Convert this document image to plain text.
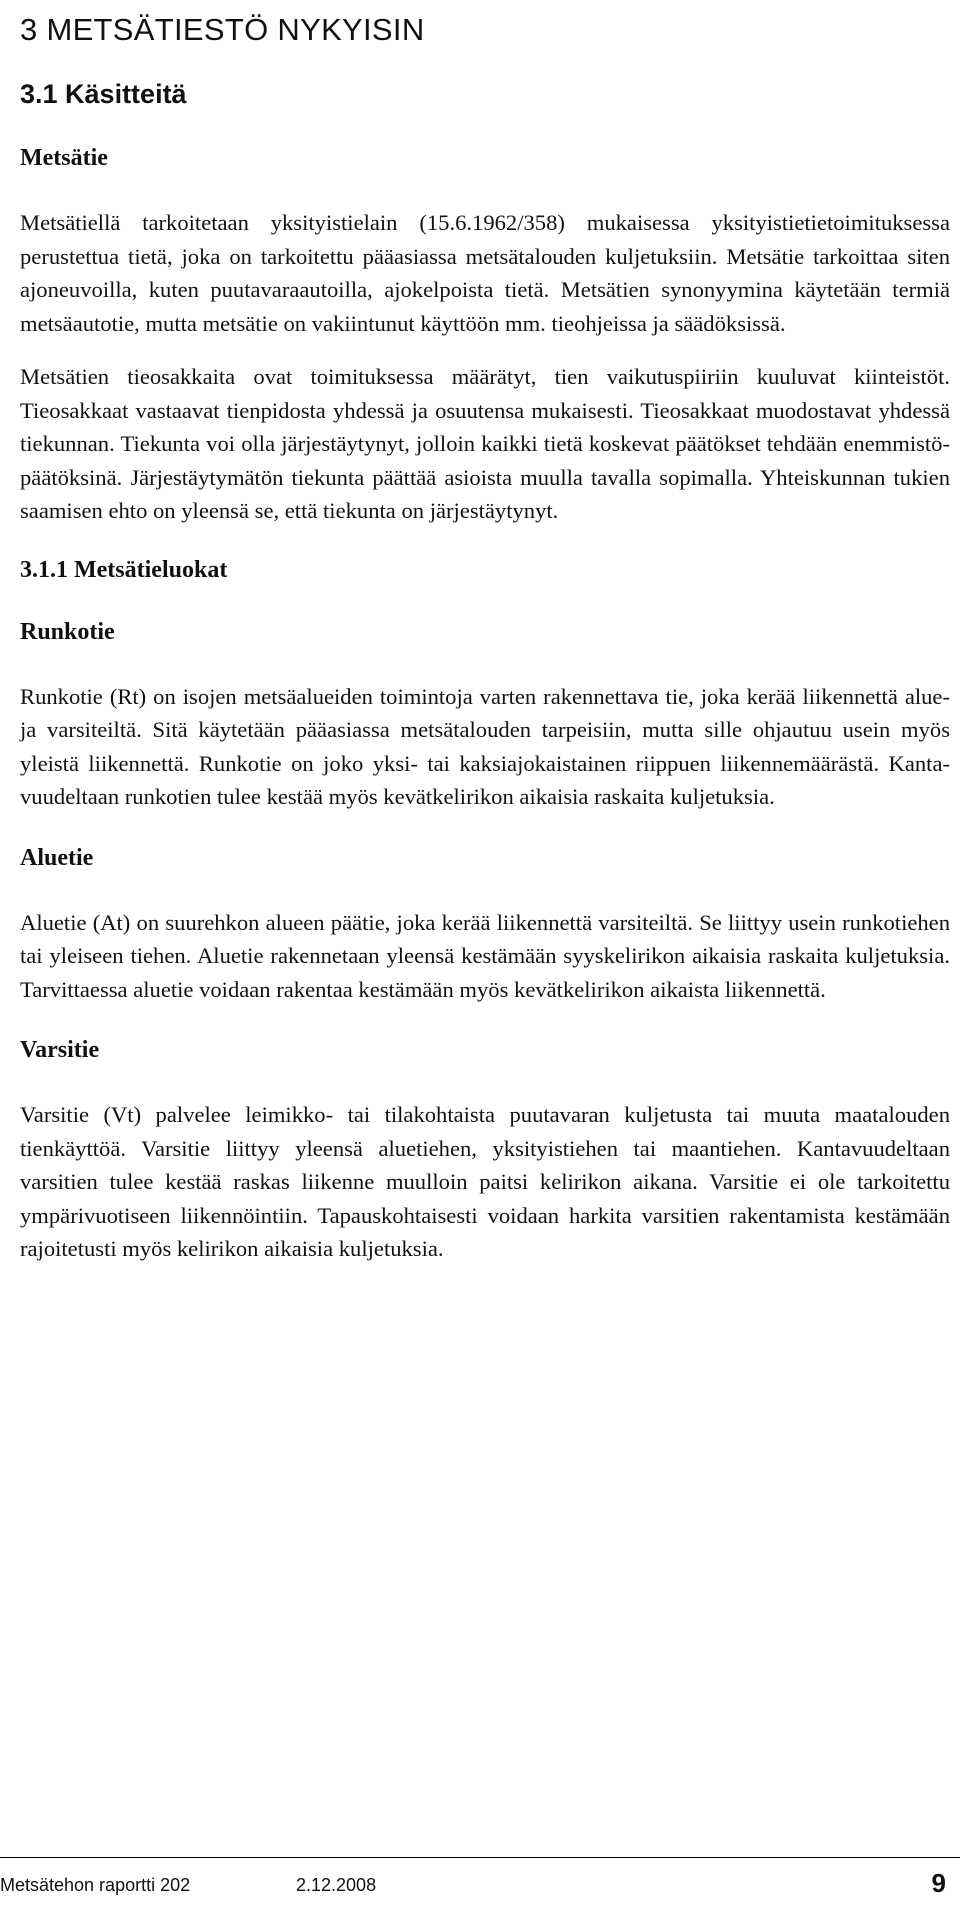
3 METSÄTIESTÖ NYKYISIN
3.1 Käsitteitä
Metsätie

Metsätiellä tarkoitetaan yksityistielain (15.6.1962/358) mukaisessa yksityistietietoimituksessa perustettua tietä, joka on tarkoitettu pääasiassa metsätalouden kuljetuksiin. Metsätie tarkoittaa siten ajoneuvoilla, kuten puutavaraautoilla, ajokelpoista tietä. Metsätien synonyymina käytetään termiä metsäautotie, mutta metsätie on vakiintunut käyttöön mm. tieohjeissa ja säädöksissä.

Metsätien tieosakkaita ovat toimituksessa määrätyt, tien vaikutuspiiriin kuuluvat kiinteistöt. Tieosakkaat vastaavat tienpidosta yhdessä ja osuutensa mukaisesti. Tieosakkaat muodostavat yhdessä tiekunnan. Tiekunta voi olla järjestäytynyt, jolloin kaikki tietä koskevat päätökset tehdään enemmistöpäätöksinä. Järjestäytymätön tiekunta päättää asioista muulla tavalla sopimalla. Yhteiskunnan tukien saamisen ehto on yleensä se, että tiekunta on järjestäytynyt.

3.1.1 Metsätieluokat
Runkotie

Runkotie (Rt) on isojen metsäalueiden toimintoja varten rakennettava tie, joka kerää liikennettä alue- ja varsiteiltä. Sitä käytetään pääasiassa metsätalouden tarpeisiin, mutta sille ohjautuu usein myös yleistä liikennettä. Runkotie on joko yksi- tai kaksiajokaistainen riippuen liikennemäärästä. Kantavuudeltaan runkotien tulee kestää myös kevätkelirikon aikaisia raskaita kuljetuksia.

Aluetie

Aluetie (At) on suurehkon alueen päätie, joka kerää liikennettä varsiteiltä. Se liittyy usein runkotiehen tai yleiseen tiehen. Aluetie rakennetaan yleensä kestämään syyskelirikon aikaisia raskaita kuljetuksia. Tarvittaessa aluetie voidaan rakentaa kestämään myös kevätkelirikon aikaista liikennettä.

Varsitie

Varsitie (Vt) palvelee leimikko- tai tilakohtaista puutavaran kuljetusta tai muuta maatalouden tienkäyttöä. Varsitie liittyy yleensä aluetiehen, yksityistiehen tai maantiehen. Kantavuudeltaan varsitien tulee kestää raskas liikenne muulloin paitsi kelirikon aikana. Varsitie ei ole tarkoitettu ympärivuotiseen liikennöintiin. Tapauskohtaisesti voidaan harkita varsitien rakentamista kestämään rajoitetusti myös kelirikon aikaisia kuljetuksia.

Metsätehon raportti 202	2.12.2008	9
